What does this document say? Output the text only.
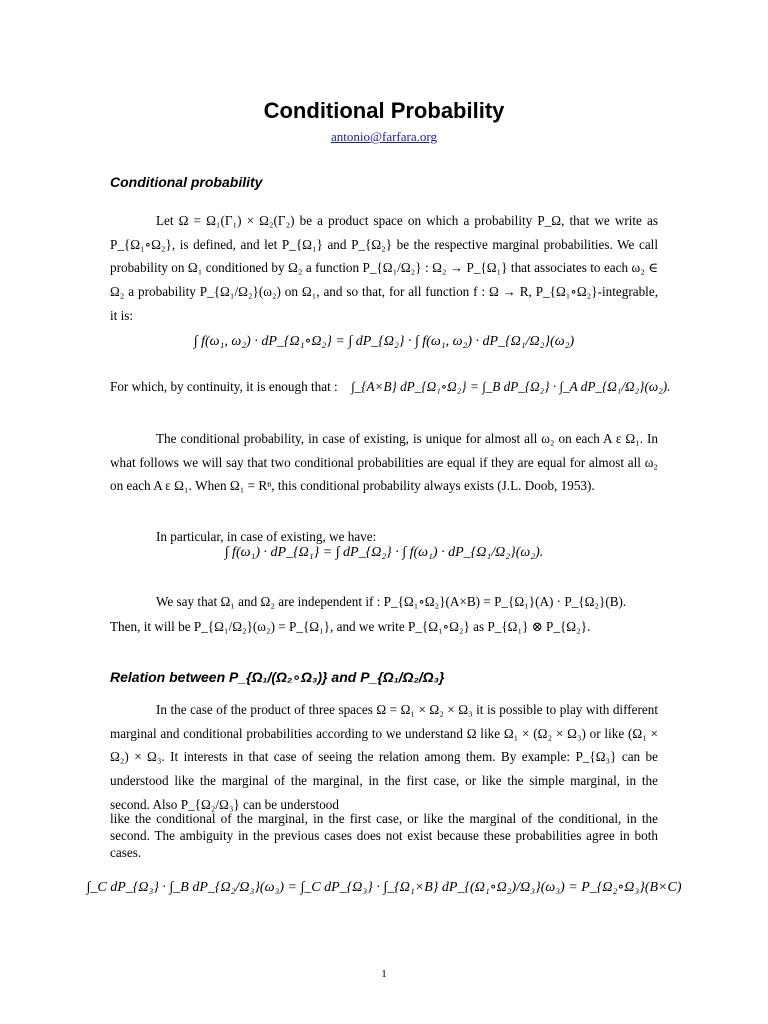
Conditional Probability
antonio@farfara.org
Conditional probability
Let Ω = Ω₁(Γ₁) × Ω₂(Γ₂) be a product space on which a probability P_Ω, that we write as P_{Ω₁∘Ω₂}, is defined, and let P_{Ω₁} and P_{Ω₂} be the respective marginal probabilities. We call probability on Ω₁ conditioned by Ω₂ a function P_{Ω₁/Ω₂} : Ω₂ → P_{Ω₁} that associates to each ω₂ ∈ Ω₂ a probability P_{Ω₁/Ω₂}(ω₂) on Ω₁, and so that, for all function f : Ω → R, P_{Ω₁∘Ω₂}-integrable, it is:
∫ f(ω₁, ω₂) · dP_{Ω₁∘Ω₂} = ∫ dP_{Ω₂} · ∫ f(ω₁, ω₂) · dP_{Ω₁/Ω₂}(ω₂)
For which, by continuity, it is enough that : ∫_{A×B} dP_{Ω₁∘Ω₂} = ∫_B dP_{Ω₂} · ∫_A dP_{Ω₁/Ω₂}(ω₂).
The conditional probability, in case of existing, is unique for almost all ω₂ on each A ε Ω₁. In what follows we will say that two conditional probabilities are equal if they are equal for almost all ω₂ on each A ε Ω₁. When Ω₁ = Rⁿ, this conditional probability always exists (J.L. Doob, 1953).
In particular, in case of existing, we have:
∫ f(ω₁) · dP_{Ω₁} = ∫ dP_{Ω₂} · ∫ f(ω₁) · dP_{Ω₁/Ω₂}(ω₂).
We say that Ω₁ and Ω₂ are independent if : P_{Ω₁∘Ω₂}(A×B) = P_{Ω₁}(A) · P_{Ω₂}(B).
Then, it will be P_{Ω₁/Ω₂}(ω₂) = P_{Ω₁}, and we write P_{Ω₁∘Ω₂} as P_{Ω₁} ⊗ P_{Ω₂}.
Relation between P_{Ω₁/(Ω₂∘Ω₃)} and P_{Ω₁/Ω₂/Ω₃}
In the case of the product of three spaces Ω = Ω₁ × Ω₂ × Ω₃ it is possible to play with different marginal and conditional probabilities according to we understand Ω like Ω₁ × (Ω₂ × Ω₃) or like (Ω₁ × Ω₂) × Ω₃. It interests in that case of seeing the relation among them. By example: P_{Ω₃} can be understood like the marginal of the marginal, in the first case, or like the simple marginal, in the second. Also P_{Ω₂/Ω₃} can be understood
like the conditional of the marginal, in the first case, or like the marginal of the conditional, in the second. The ambiguity in the previous cases does not exist because these probabilities agree in both cases.
∫_C dP_{Ω₃} · ∫_B dP_{Ω₂/Ω₃}(ω₃) = ∫_C dP_{Ω₃} · ∫_{Ω₁×B} dP_{(Ω₁∘Ω₂)/Ω₃}(ω₃) = P_{Ω₂∘Ω₃}(B×C)
1
